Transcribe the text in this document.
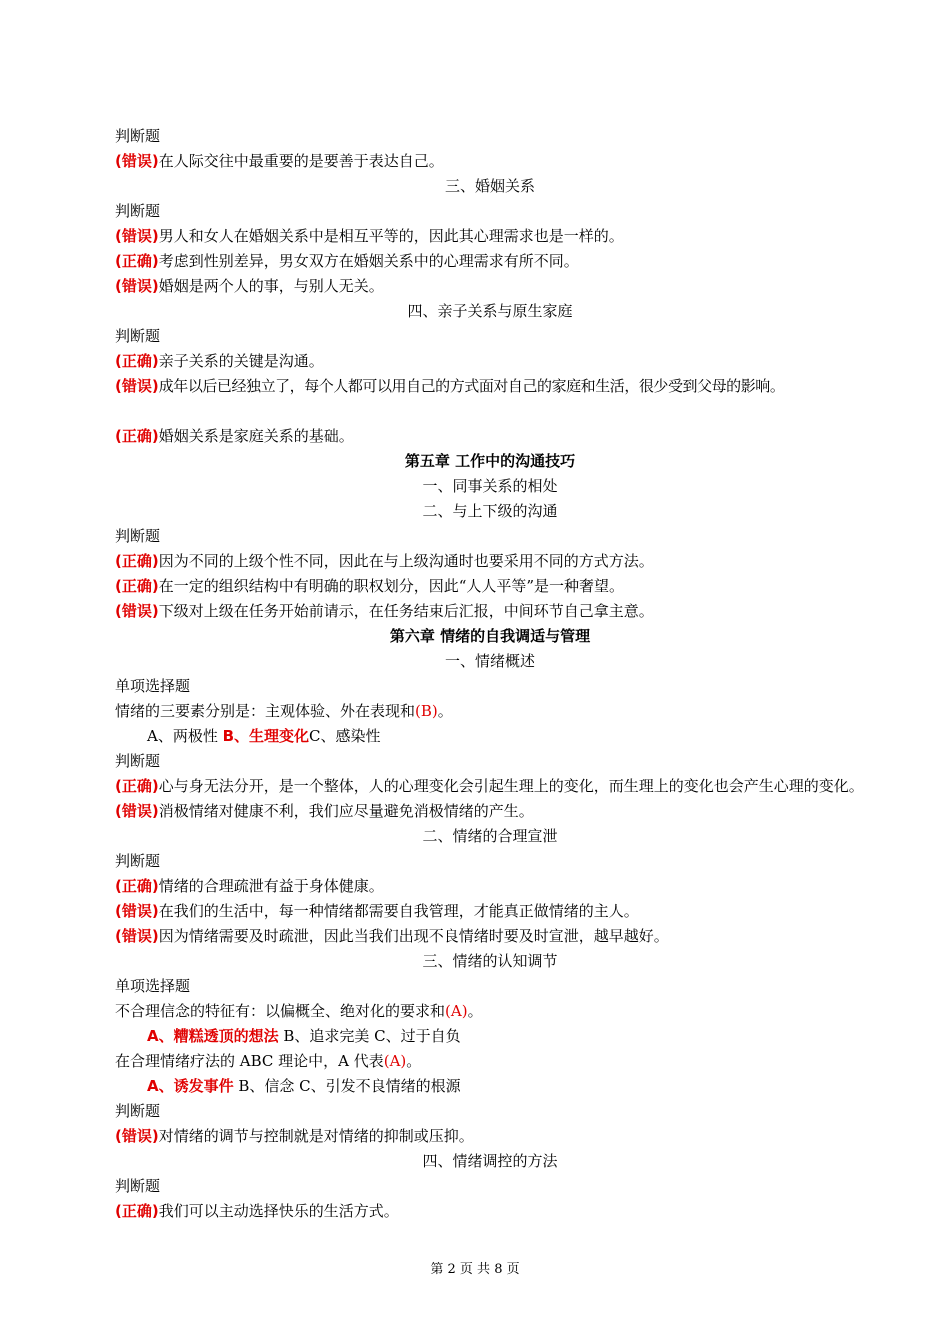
判断题
(错误)在人际交往中最重要的是要善于表达自己。
三、婚姻关系
判断题
(错误)男人和女人在婚姻关系中是相互平等的，因此其心理需求也是一样的。
(正确)考虑到性别差异，男女双方在婚姻关系中的心理需求有所不同。
(错误)婚姻是两个人的事，与别人无关。
四、亲子关系与原生家庭
判断题
(正确)亲子关系的关键是沟通。
(错误)成年以后已经独立了，每个人都可以用自己的方式面对自己的家庭和生活，很少受到父母的影响。
(正确)婚姻关系是家庭关系的基础。
第五章 工作中的沟通技巧
一、同事关系的相处
二、与上下级的沟通
判断题
(正确)因为不同的上级个性不同，因此在与上级沟通时也要采用不同的方式方法。
(正确)在一定的组织结构中有明确的职权划分，因此“人人平等”是一种奢望。
(错误)下级对上级在任务开始前请示，在任务结束后汇报，中间环节自己拿主意。
第六章 情绪的自我调适与管理
一、情绪概述
单项选择题
情绪的三要素分别是：主观体验、外在表现和(B)。
A、两极性 B、生理变化C、感染性
判断题
(正确)心与身无法分开，是一个整体，人的心理变化会引起生理上的变化，而生理上的变化也会产生心理的变化。
(错误)消极情绪对健康不利，我们应尽量避免消极情绪的产生。
二、情绪的合理宣泄
判断题
(正确)情绪的合理疏泄有益于身体健康。
(错误)在我们的生活中，每一种情绪都需要自我管理，才能真正做情绪的主人。
(错误)因为情绪需要及时疏泄，因此当我们出现不良情绪时要及时宣泄，越早越好。
三、情绪的认知调节
单项选择题
不合理信念的特征有：以偏概全、绝对化的要求和(A)。
A、糟糕透顶的想法 B、追求完美 C、过于自负
在合理情绪疗法的 ABC 理论中，A 代表(A)。
A、诱发事件 B、信念 C、引发不良情绪的根源
判断题
(错误)对情绪的调节与控制就是对情绪的抑制或压抑。
四、情绪调控的方法
判断题
(正确)我们可以主动选择快乐的生活方式。
第 2 页 共 8 页
